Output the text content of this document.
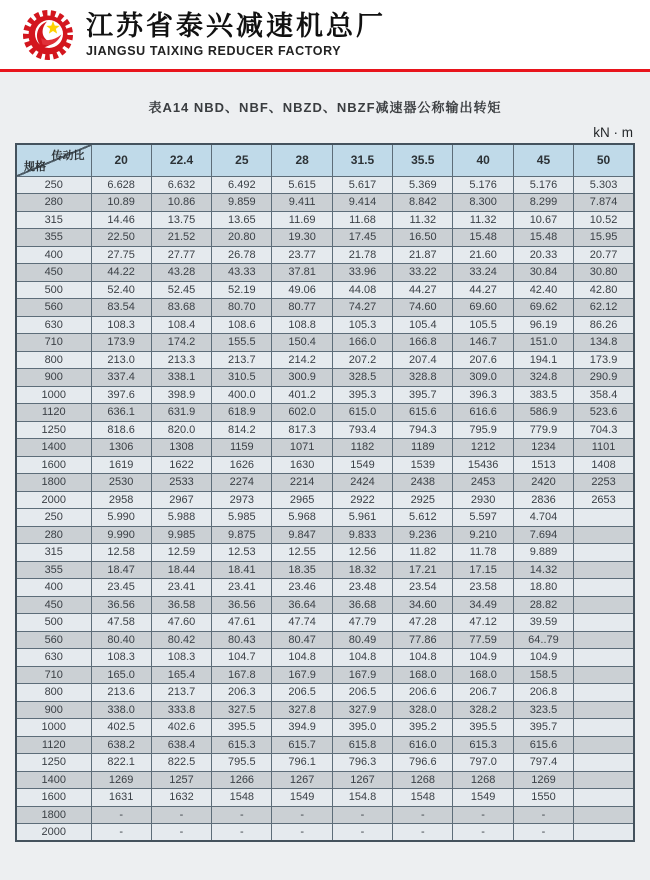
江苏省泰兴减速机总厂
JIANGSU TAIXING REDUCER FACTORY
表A14 NBD、NBF、NBZD、NBZF减速器公称输出转矩
kN · m
传动比
规格	20	22.4	25	28	31.5	35.5	40	45	50
250	6.628	6.632	6.492	5.615	5.617	5.369	5.176	5.176	5.303
280	10.89	10.86	9.859	9.411	9.414	8.842	8.300	8.299	7.874
315	14.46	13.75	13.65	11.69	11.68	11.32	11.32	10.67	10.52
355	22.50	21.52	20.80	19.30	17.45	16.50	15.48	15.48	15.95
400	27.75	27.77	26.78	23.77	21.78	21.87	21.60	20.33	20.77
450	44.22	43.28	43.33	37.81	33.96	33.22	33.24	30.84	30.80
500	52.40	52.45	52.19	49.06	44.08	44.27	44.27	42.40	42.80
560	83.54	83.68	80.70	80.77	74.27	74.60	69.60	69.62	62.12
630	108.3	108.4	108.6	108.8	105.3	105.4	105.5	96.19	86.26
710	173.9	174.2	155.5	150.4	166.0	166.8	146.7	151.0	134.8
800	213.0	213.3	213.7	214.2	207.2	207.4	207.6	194.1	173.9
900	337.4	338.1	310.5	300.9	328.5	328.8	309.0	324.8	290.9
1000	397.6	398.9	400.0	401.2	395.3	395.7	396.3	383.5	358.4
1120	636.1	631.9	618.9	602.0	615.0	615.6	616.6	586.9	523.6
1250	818.6	820.0	814.2	817.3	793.4	794.3	795.9	779.9	704.3
1400	1306	1308	1159	1071	1182	1189	1212	1234	1101
1600	1619	1622	1626	1630	1549	1539	15436	1513	1408
1800	2530	2533	2274	2214	2424	2438	2453	2420	2253
2000	2958	2967	2973	2965	2922	2925	2930	2836	2653
250	5.990	5.988	5.985	5.968	5.961	5.612	5.597	4.704	
280	9.990	9.985	9.875	9.847	9.833	9.236	9.210	7.694	
315	12.58	12.59	12.53	12.55	12.56	11.82	11.78	9.889	
355	18.47	18.44	18.41	18.35	18.32	17.21	17.15	14.32	
400	23.45	23.41	23.41	23.46	23.48	23.54	23.58	18.80	
450	36.56	36.58	36.56	36.64	36.68	34.60	34.49	28.82	
500	47.58	47.60	47.61	47.74	47.79	47.28	47.12	39.59	
560	80.40	80.42	80.43	80.47	80.49	77.86	77.59	64..79	
630	108.3	108.3	104.7	104.8	104.8	104.8	104.9	104.9	
710	165.0	165.4	167.8	167.9	167.9	168.0	168.0	158.5	
800	213.6	213.7	206.3	206.5	206.5	206.6	206.7	206.8	
900	338.0	333.8	327.5	327.8	327.9	328.0	328.2	323.5	
1000	402.5	402.6	395.5	394.9	395.0	395.2	395.5	395.7	
1120	638.2	638.4	615.3	615.7	615.8	616.0	615.3	615.6	
1250	822.1	822.5	795.5	796.1	796.3	796.6	797.0	797.4	
1400	1269	1257	1266	1267	1267	1268	1268	1269	
1600	1631	1632	1548	1549	154.8	1548	1549	1550	
1800	-	-	-	-	-	-	-	-	
2000	-	-	-	-	-	-	-	-	
